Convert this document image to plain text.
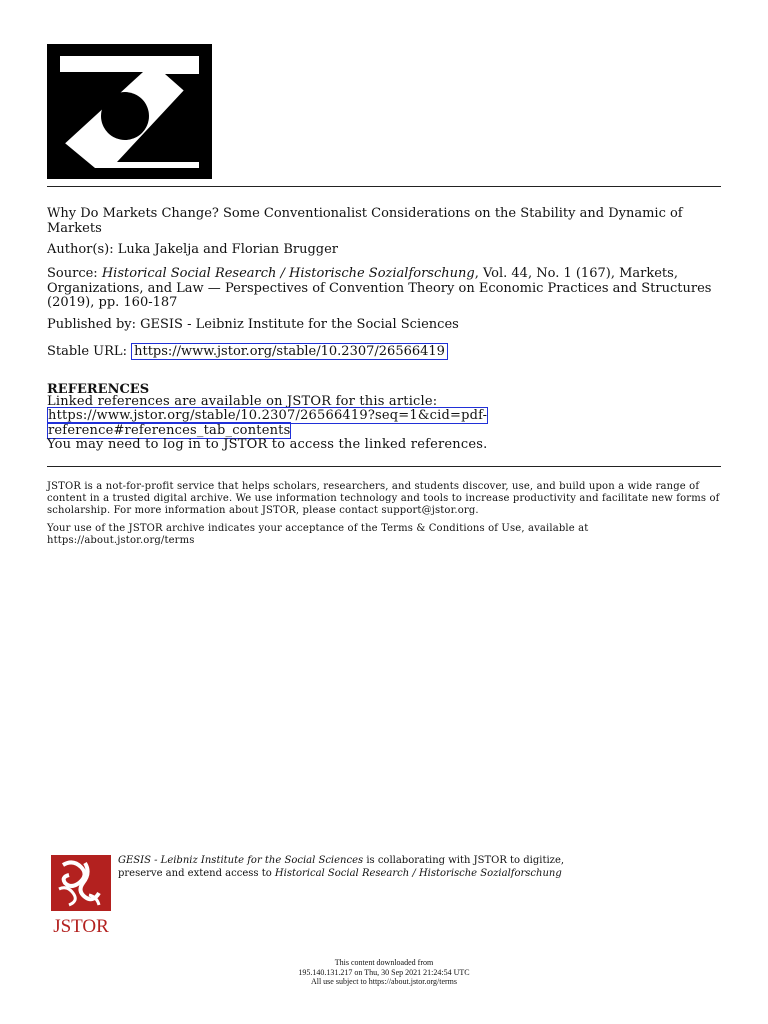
Why Do Markets Change? Some Conventionalist Considerations on the Stability and Dynamic of Markets
Author(s): Luka Jakelja and Florian Brugger
Source: Historical Social Research / Historische Sozialforschung, Vol. 44, No. 1 (167), Markets, Organizations, and Law — Perspectives of Convention Theory on Economic Practices and Structures (2019), pp. 160-187
Published by: GESIS - Leibniz Institute for the Social Sciences
Stable URL: https://www.jstor.org/stable/10.2307/26566419
REFERENCES
Linked references are available on JSTOR for this article:
https://www.jstor.org/stable/10.2307/26566419?seq=1&cid=pdf-
reference#references_tab_contents
You may need to log in to JSTOR to access the linked references.
JSTOR is a not-for-profit service that helps scholars, researchers, and students discover, use, and build upon a wide range of content in a trusted digital archive. We use information technology and tools to increase productivity and facilitate new forms of scholarship. For more information about JSTOR, please contact support@jstor.org.
Your use of the JSTOR archive indicates your acceptance of the Terms & Conditions of Use, available at
https://about.jstor.org/terms
JSTOR
GESIS - Leibniz Institute for the Social Sciences is collaborating with JSTOR to digitize,
preserve and extend access to Historical Social Research / Historische Sozialforschung
This content downloaded from
195.140.131.217 on Thu, 30 Sep 2021 21:24:54 UTC
All use subject to https://about.jstor.org/terms
